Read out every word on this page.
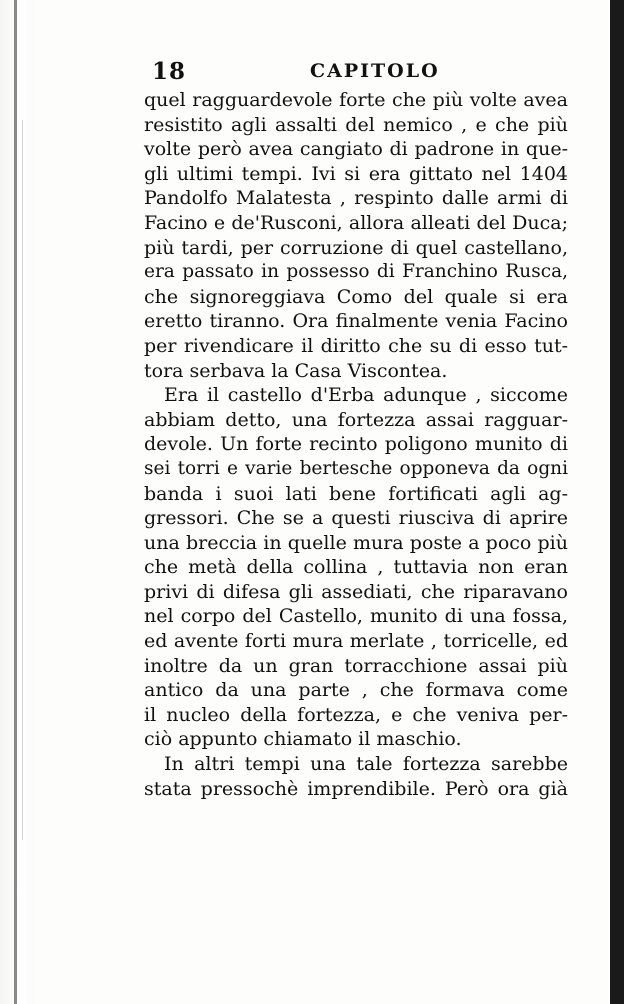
18	CAPITOLO
quel ragguardevole forte che più volte avea
resistito agli assalti del nemico , e che più
volte però avea cangiato di padrone in que-
gli ultimi tempi. Ivi si era gittato nel 1404
Pandolfo Malatesta , respinto dalle armi di
Facino e de'Rusconi, allora alleati del Duca;
più tardi, per corruzione di quel castellano,
era passato in possesso di Franchino Rusca,
che signoreggiava Como del quale si era
eretto tiranno. Ora finalmente venia Facino
per rivendicare il diritto che su di esso tut-
tora serbava la Casa Viscontea.
Era il castello d'Erba adunque , siccome
abbiam detto, una fortezza assai ragguar-
devole. Un forte recinto poligono munito di
sei torri e varie bertesche opponeva da ogni
banda i suoi lati bene fortificati agli ag-
gressori. Che se a questi riusciva di aprire
una breccia in quelle mura poste a poco più
che metà della collina , tuttavia non eran
privi di difesa gli assediati, che riparavano
nel corpo del Castello, munito di una fossa,
ed avente forti mura merlate , torricelle, ed
inoltre da un gran torracchione assai più
antico da una parte , che formava come
il nucleo della fortezza, e che veniva per-
ciò appunto chiamato il maschio.
In altri tempi una tale fortezza sarebbe
stata pressochè imprendibile. Però ora già
